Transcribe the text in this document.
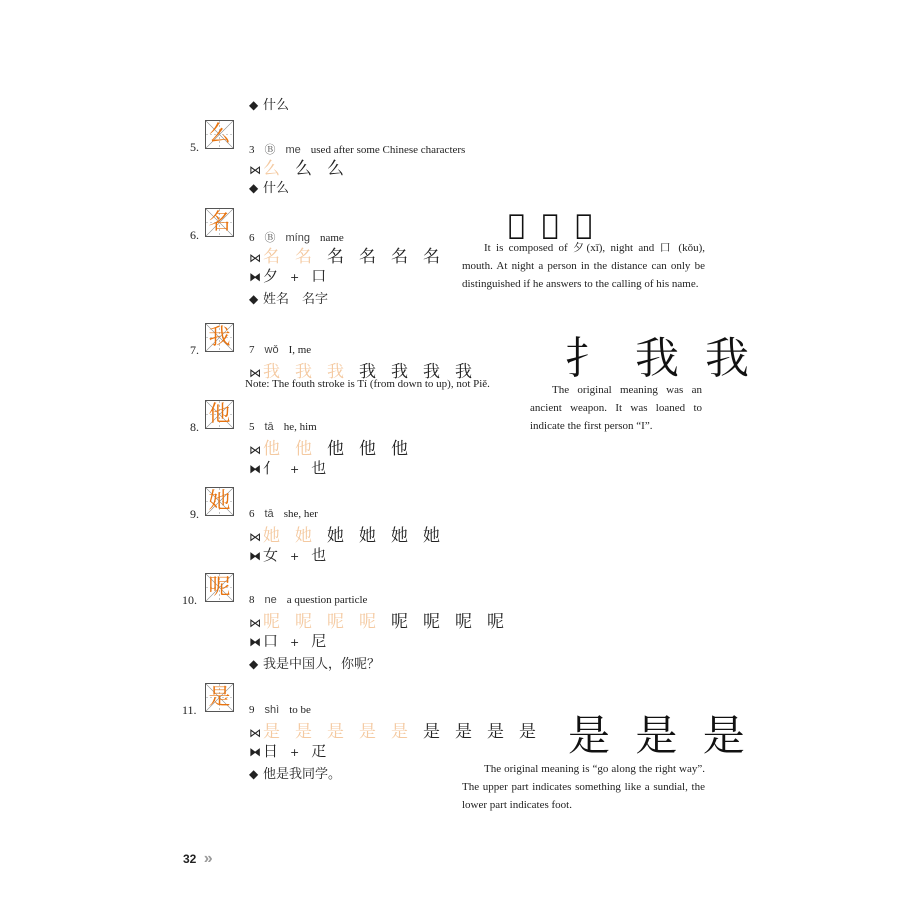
◆ 什么
5. 么
3 Ⓑ me used after some Chinese characters
⋈ 么 么 么
◆ 什么
6. 名
6 Ⓑ míng name
⋈ 名 名 名 名 名 名
⧓ 夕 + 口
◆ 姓名　名字
7. 我 7 wǒ I, me
⋈ 我 我 我 我 我 我 我
Note: The fouth stroke is Tí (from down to up), not Piě.
8. 他 5 tā he, him
⋈ 他 他 他 他 他
⧓ 亻 + 也
9. 她 6 tā she, her
⋈ 她 她 她 她 她 她
⧓ 女 + 也
10. 呢 8 ne a question particle
⋈ 呢 呢 呢 呢 呢 呢 呢 呢
⧓ 口 + 尼
◆ 我是中国人，你呢？
11. 是 9 shì to be
⋈ 是 是 是 是 是 是 是 是 是
⧓ 日 + 疋
◆ 他是我同学。
𠮦 名 名
It is composed of 夕(xī), night and 口 (kǒu), mouth. At night a person in the distance can only be distinguished if he answers to the calling of his name.
扌 我 我
The original meaning was an ancient weapon. It was loaned to indicate the first person “I”.
是 是 是
The original meaning is “go along the right way”. The upper part indicates something like a sundial, the lower part indicates foot.
32 »
